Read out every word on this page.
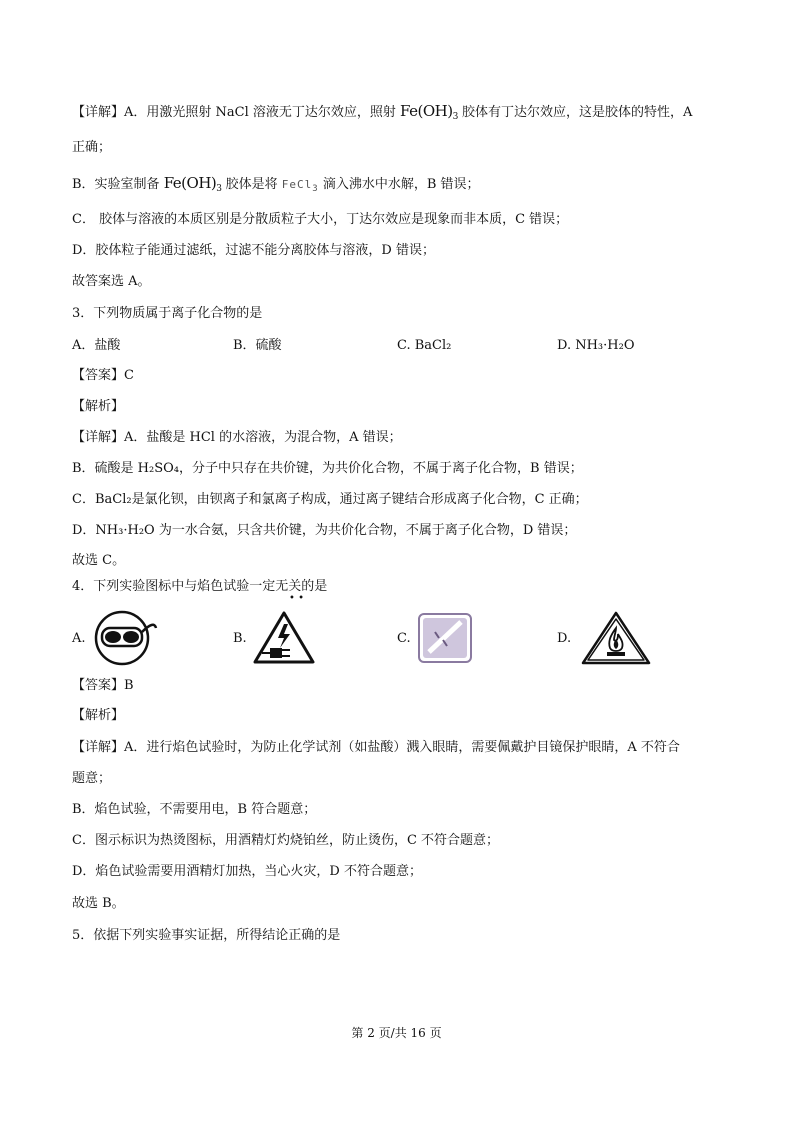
【详解】A．用激光照射 NaCl 溶液无丁达尔效应，照射 $Fe(OH)_3$ 胶体有丁达尔效应，这是胶体的特性，A
正确；
B．实验室制备 $Fe(OH)_3$ 胶体是将 FeCl$_3$ 滴入沸水中水解，B 错误；
C． 胶体与溶液的本质区别是分散质粒子大小，丁达尔效应是现象而非本质，C 错误；
D．胶体粒子能通过滤纸，过滤不能分离胶体与溶液，D 错误；
故答案选 A。
3．下列物质属于离子化合物的是
A．盐酸	B．硫酸	C. BaCl₂	D. NH₃·H₂O
【答案】C
【解析】
【详解】A．盐酸是 HCl 的水溶液，为混合物，A 错误；
B．硫酸是 H₂SO₄，分子中只存在共价键，为共价化合物，不属于离子化合物，B 错误；
C．BaCl₂是氯化钡，由钡离子和氯离子构成，通过离子键结合形成离子化合物，C 正确；
D．NH₃·H₂O 为一水合氨，只含共价键，为共价化合物，不属于离子化合物，D 错误；
故选 C。
4．下列实验图标中与焰色试验一定无关的是
• •
A.	B.	C.	D.
【答案】B
【解析】
【详解】A．进行焰色试验时，为防止化学试剂（如盐酸）溅入眼睛，需要佩戴护目镜保护眼睛，A 不符合
题意；
B．焰色试验，不需要用电，B 符合题意；
C．图示标识为热烫图标，用酒精灯灼烧铂丝，防止烫伤，C 不符合题意；
D．焰色试验需要用酒精灯加热，当心火灾，D 不符合题意；
故选 B。
5．依据下列实验事实证据，所得结论正确的是
第 2 页/共 16 页
